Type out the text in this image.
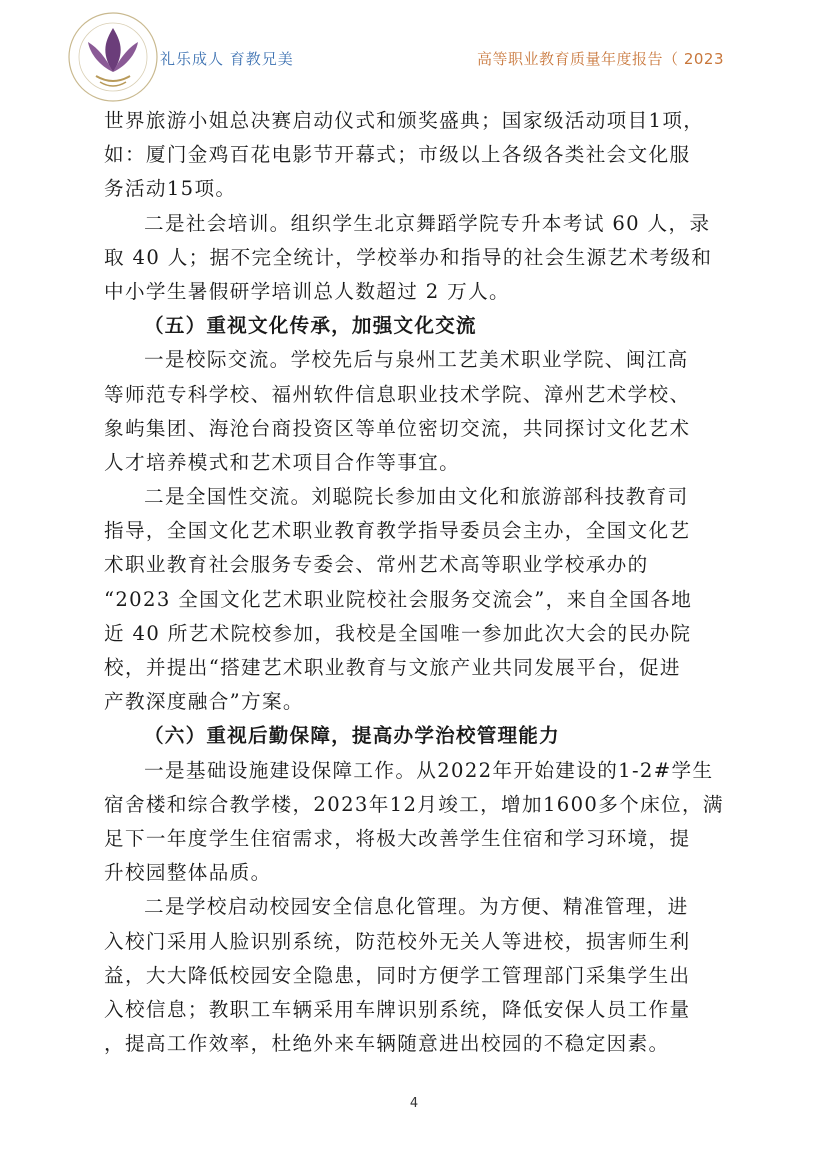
礼乐成人 育教兄美	高等职业教育质量年度报告（ 2023
世界旅游小姐总决赛启动仪式和颁奖盛典；国家级活动项目1项，
如：厦门金鸡百花电影节开幕式；市级以上各级各类社会文化服
务活动15项。
二是社会培训。组织学生北京舞蹈学院专升本考试 60 人，录
取 40 人；据不完全统计，学校举办和指导的社会生源艺术考级和
中小学生暑假研学培训总人数超过 2 万人。
（五）重视文化传承，加强文化交流
一是校际交流。学校先后与泉州工艺美术职业学院、闽江高
等师范专科学校、福州软件信息职业技术学院、漳州艺术学校、
象屿集团、海沧台商投资区等单位密切交流，共同探讨文化艺术
人才培养模式和艺术项目合作等事宜。
二是全国性交流。刘聪院长参加由文化和旅游部科技教育司
指导，全国文化艺术职业教育教学指导委员会主办，全国文化艺
术职业教育社会服务专委会、常州艺术高等职业学校承办的
“2023 全国文化艺术职业院校社会服务交流会”，来自全国各地
近 40 所艺术院校参加，我校是全国唯一参加此次大会的民办院
校，并提出“搭建艺术职业教育与文旅产业共同发展平台，促进
产教深度融合”方案。
（六）重视后勤保障，提高办学治校管理能力
一是基础设施建设保障工作。从2022年开始建设的1-2#学生
宿舍楼和综合教学楼，2023年12月竣工，增加1600多个床位，满
足下一年度学生住宿需求，将极大改善学生住宿和学习环境，提
升校园整体品质。
二是学校启动校园安全信息化管理。为方便、精准管理，进
入校门采用人脸识别系统，防范校外无关人等进校，损害师生利
益，大大降低校园安全隐患，同时方便学工管理部门采集学生出
入校信息；教职工车辆采用车牌识别系统，降低安保人员工作量
，提高工作效率，杜绝外来车辆随意进出校园的不稳定因素。
4
